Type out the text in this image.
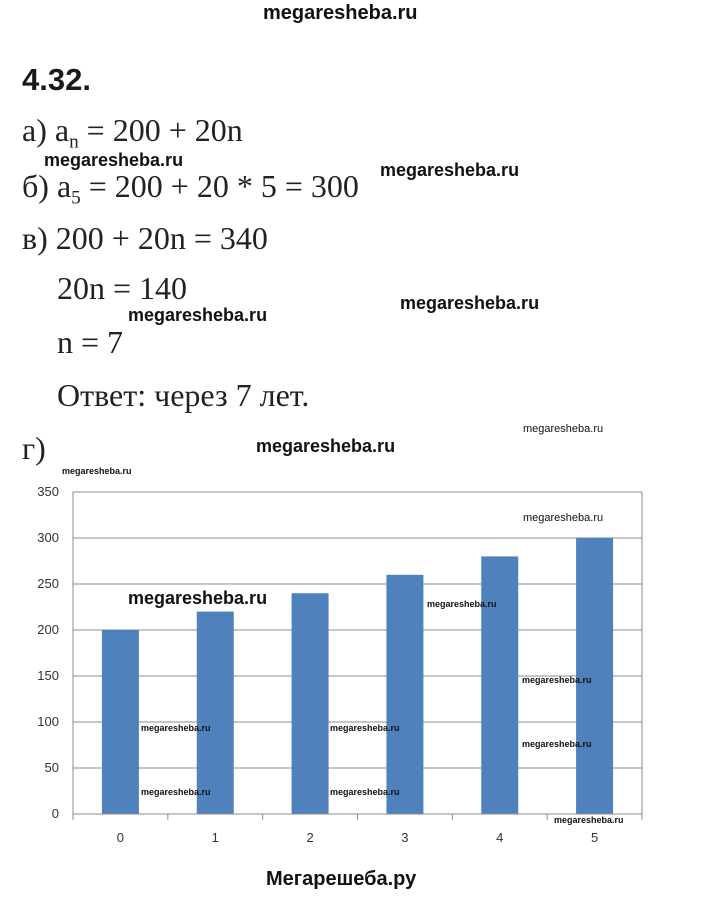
megaresheba.ru
4.32.
а) $a_n = 200 + 20n$
б) $a_5 = 200 + 20 * 5 = 300$
в) 200 + 20n = 340
20n = 140
n = 7
Ответ: через 7 лет.
г)
0
50
100
150
200
250
300
350
0	1	2	3	4	5
megaresheba.ru	megaresheba.ru
megaresheba.ru
megaresheba.ru
megaresheba.ru
megaresheba.ru
megaresheba.ru
megaresheba.ru
megaresheba.ru	megaresheba.ru
megaresheba.ru
megaresheba.ru	megaresheba.ru
megaresheba.ru
megaresheba.ru	megaresheba.ru
megaresheba.ru
Мегарешеба.ру
